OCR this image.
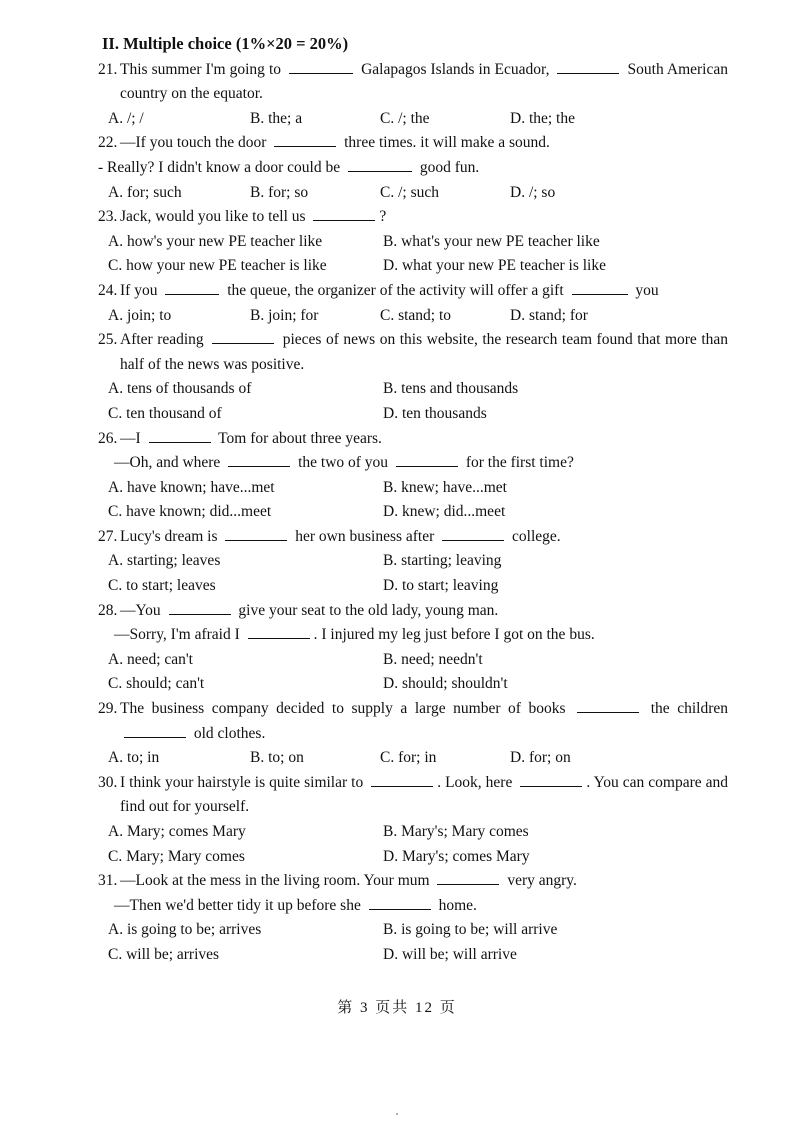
II. Multiple choice (1%×20 = 20%)

21. This summer I'm going to	Galapagos Islands in Ecuador,	South American country on the equator.

A. /; /	B. the; a	C. /; the	D. the; the

22. —If you touch the door	three times. it will make a sound.

- Really? I didn't know a door could be	good fun.

A. for; such	B. for; so	C. /; such	D. /; so

23. Jack, would you like to tell us	?

A. how's your new PE teacher like	B. what's your new PE teacher like
C. how your new PE teacher is like	D. what your new PE teacher is like

24. If you	the queue, the organizer of the activity will offer a gift	you

A. join; to	B. join; for	C. stand; to	D. stand; for

25. After reading	pieces of news on this website, the research team found that more than half of the news was positive.

A. tens of thousands of	B. tens and thousands
C. ten thousand of	D. ten thousands

26. —I	Tom for about three years.

—Oh, and where	the two of you	for the first time?

A. have known; have...met	B. knew; have...met
C. have known; did...meet	D. knew; did...meet

27. Lucy's dream is	her own business after	college.

A. starting; leaves	B. starting; leaving
C. to start; leaves	D. to start; leaving

28. —You	give your seat to the old lady, young man.

—Sorry, I'm afraid I	. I injured my leg just before I got on the bus.

A. need; can't	B. need; needn't
C. should; can't	D. should; shouldn't

29. The business company decided to supply a large number of books	the children  old clothes.

A. to; in	B. to; on	C. for; in	D. for; on

30. I think your hairstyle is quite similar to	. Look, here	. You can compare and find out for yourself.

A. Mary; comes Mary	B. Mary's; Mary comes
C. Mary; Mary comes	D. Mary's; comes Mary

31. —Look at the mess in the living room. Your mum	very angry.

—Then we'd better tidy it up before she	home.

A. is going to be; arrives	B. is going to be; will arrive
C. will be; arrives	D. will be; will arrive
第 3 页共 12 页
